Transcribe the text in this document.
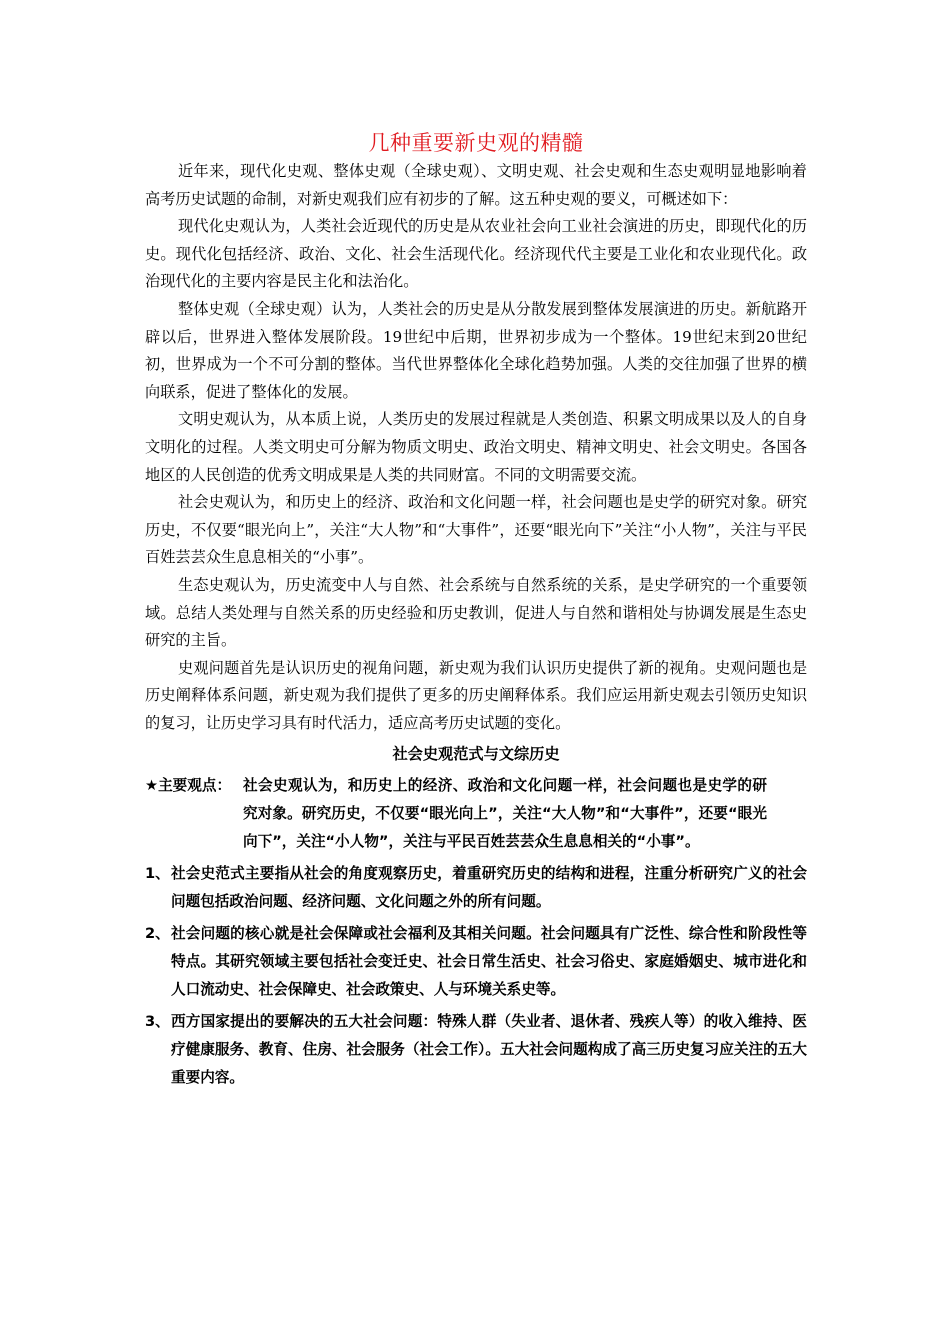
几种重要新史观的精髓

近年来，现代化史观、整体史观（全球史观）、文明史观、社会史观和生态史观明显地影响着高考历史试题的命制，对新史观我们应有初步的了解。这五种史观的要义，可概述如下：

现代化史观认为，人类社会近现代的历史是从农业社会向工业社会演进的历史，即现代化的历史。现代化包括经济、政治、文化、社会生活现代化。经济现代代主要是工业化和农业现代化。政治现代化的主要内容是民主化和法治化。

整体史观（全球史观）认为，人类社会的历史是从分散发展到整体发展演进的历史。新航路开辟以后，世界进入整体发展阶段。19世纪中后期，世界初步成为一个整体。19世纪末到20世纪初，世界成为一个不可分割的整体。当代世界整体化全球化趋势加强。人类的交往加强了世界的横向联系，促进了整体化的发展。

文明史观认为，从本质上说，人类历史的发展过程就是人类创造、积累文明成果以及人的自身文明化的过程。人类文明史可分解为物质文明史、政治文明史、精神文明史、社会文明史。各国各地区的人民创造的优秀文明成果是人类的共同财富。不同的文明需要交流。

社会史观认为，和历史上的经济、政治和文化问题一样，社会问题也是史学的研究对象。研究历史，不仅要“眼光向上”，关注“大人物”和“大事件”，还要“眼光向下”关注“小人物”，关注与平民百姓芸芸众生息息相关的“小事”。

生态史观认为，历史流变中人与自然、社会系统与自然系统的关系，是史学研究的一个重要领域。总结人类处理与自然关系的历史经验和历史教训，促进人与自然和谐相处与协调发展是生态史研究的主旨。

史观问题首先是认识历史的视角问题，新史观为我们认识历史提供了新的视角。史观问题也是历史阐释体系问题，新史观为我们提供了更多的历史阐释体系。我们应运用新史观去引领历史知识的复习，让历史学习具有时代活力，适应高考历史试题的变化。

社会史观范式与文综历史
★主要观点： 社会史观认为，和历史上的经济、政治和文化问题一样，社会问题也是史学的研究对象。研究历史，不仅要“眼光向上”，关注“大人物”和“大事件”，还要“眼光向下”，关注“小人物”，关注与平民百姓芸芸众生息息相关的“小事”。
1、 社会史范式主要指从社会的角度观察历史，着重研究历史的结构和进程，注重分析研究广义的社会问题包括政治问题、经济问题、文化问题之外的所有问题。
2、 社会问题的核心就是社会保障或社会福利及其相关问题。社会问题具有广泛性、综合性和阶段性等特点。其研究领域主要包括社会变迁史、社会日常生活史、社会习俗史、家庭婚姻史、城市进化和人口流动史、社会保障史、社会政策史、人与环境关系史等。
3、 西方国家提出的要解决的五大社会问题：特殊人群（失业者、退休者、残疾人等）的收入维持、医疗健康服务、教育、住房、社会服务（社会工作）。五大社会问题构成了高三历史复习应关注的五大重要内容。
